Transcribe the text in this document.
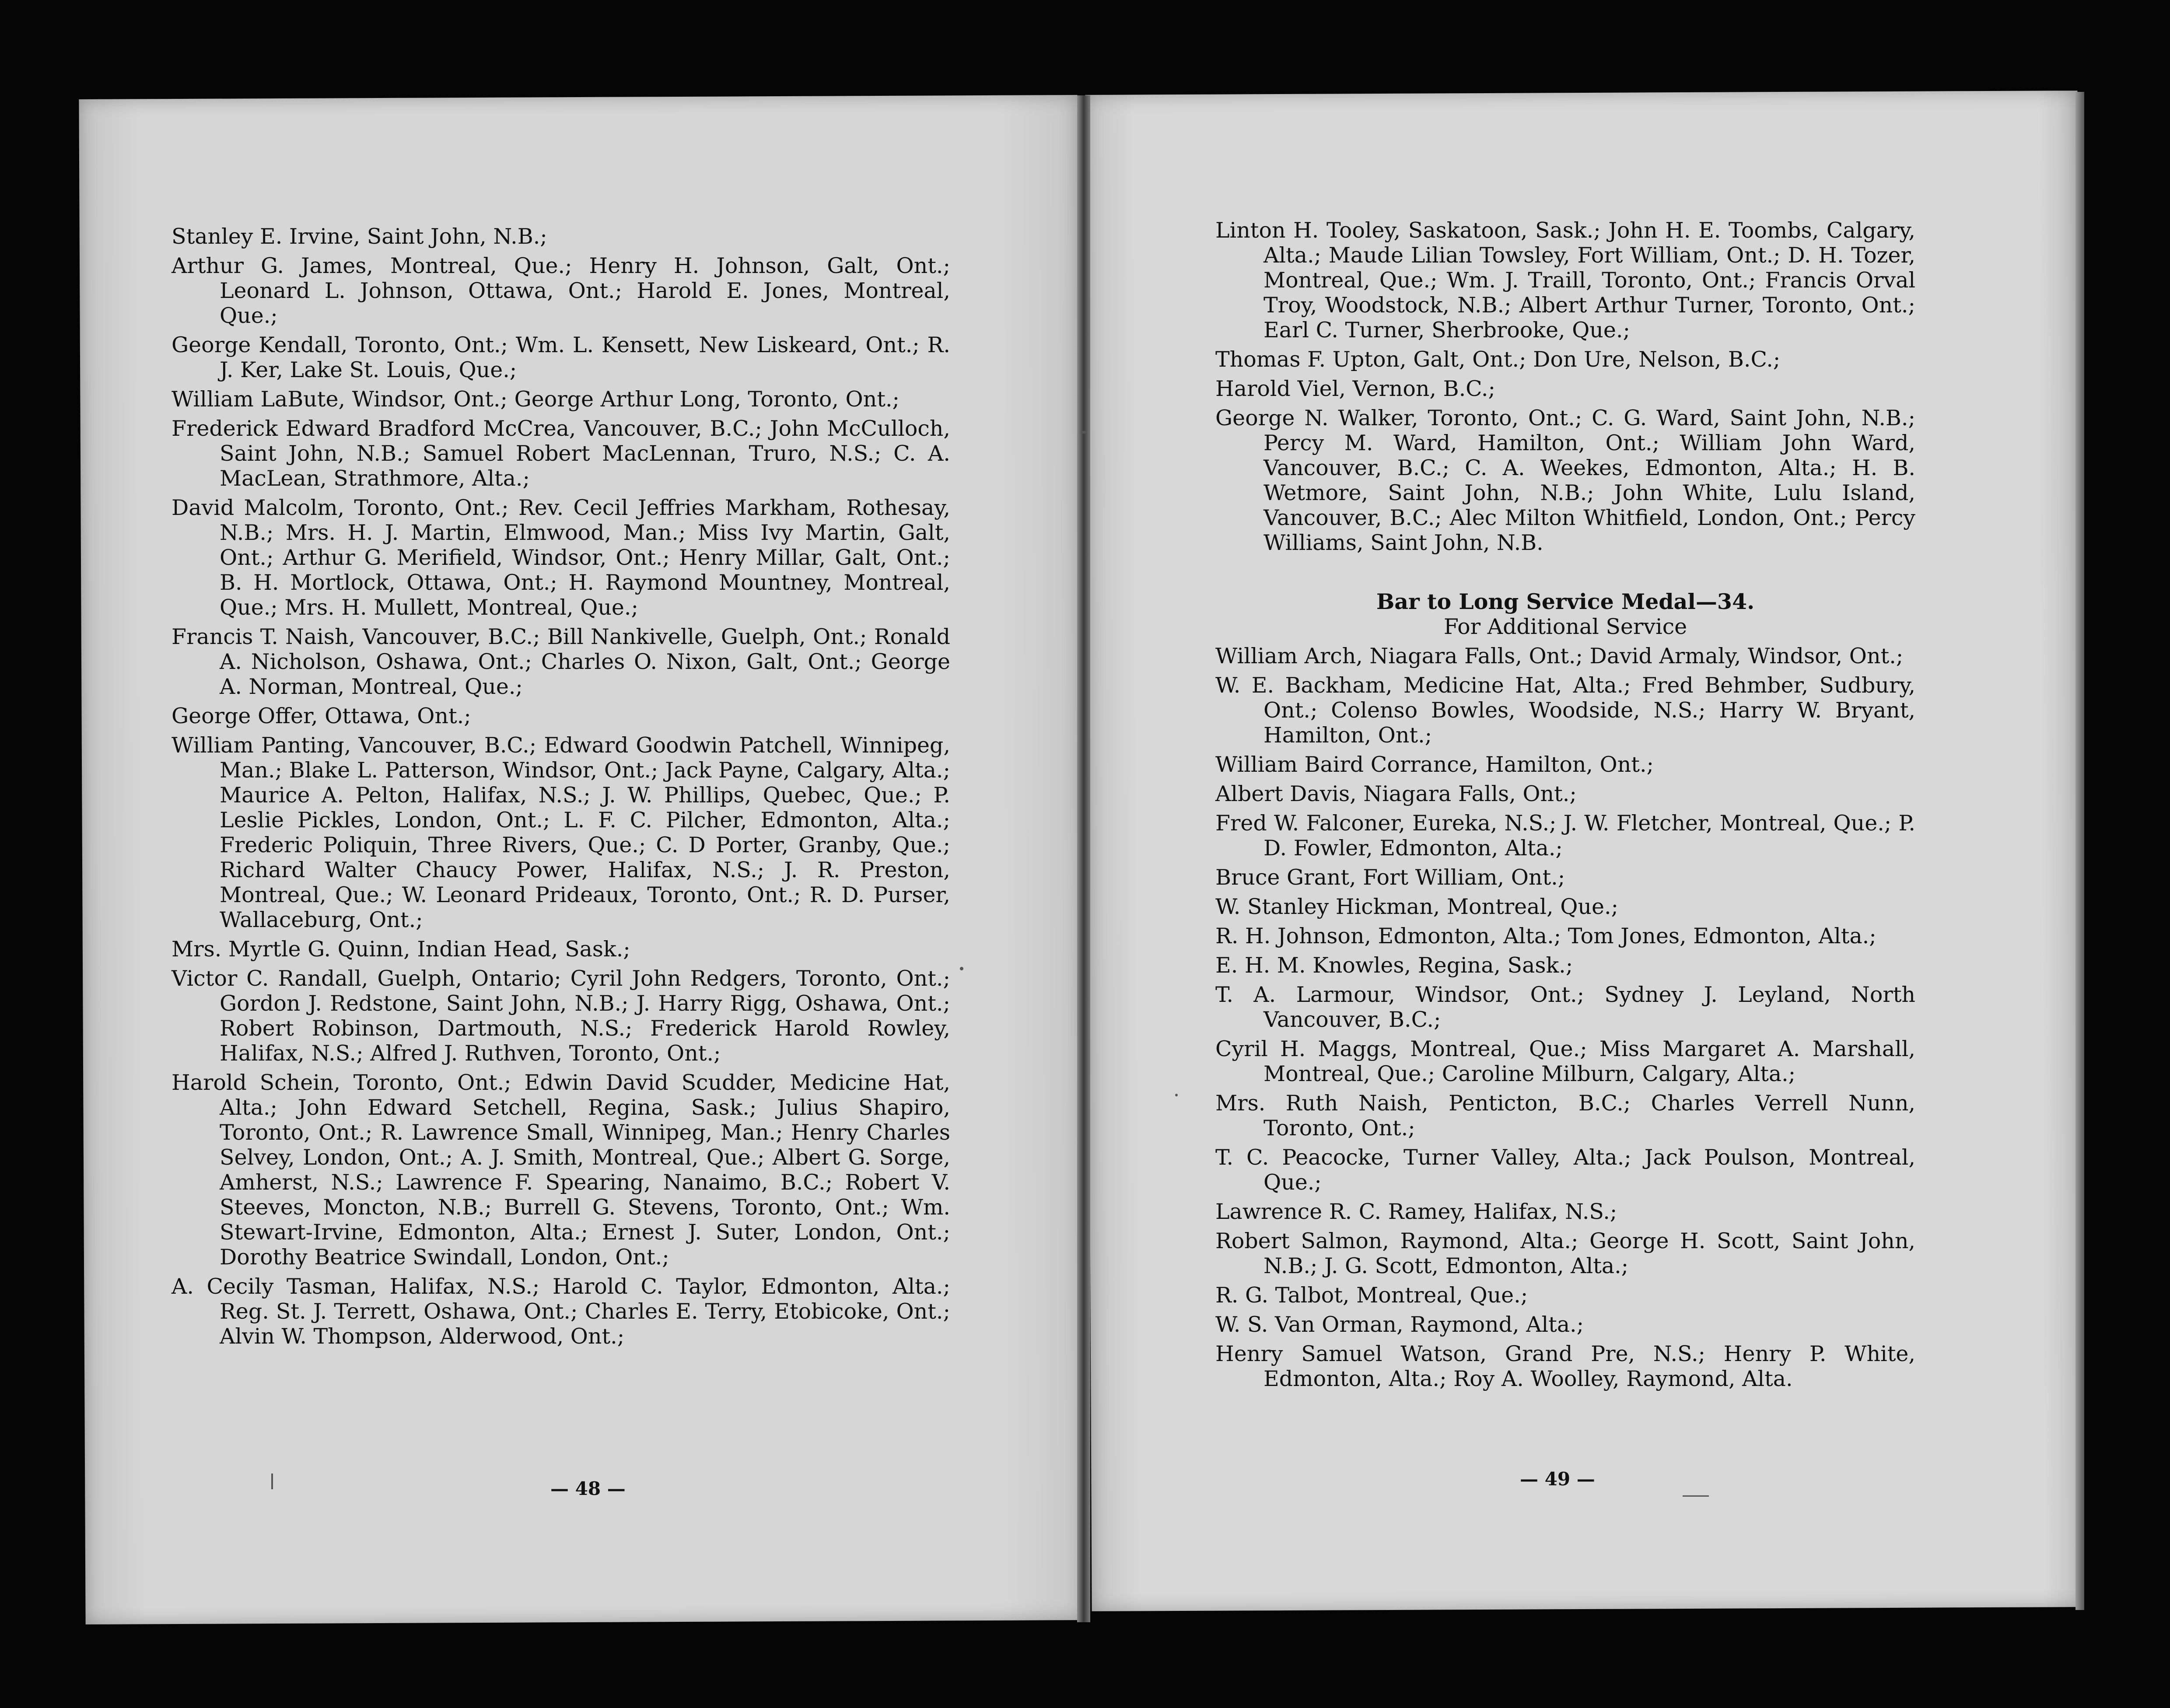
Stanley E. Irvine, Saint John, N.B.;

Arthur G. James, Montreal, Que.; Henry H. Johnson, Galt, Ont.; Leonard L. Johnson, Ottawa, Ont.; Harold E. Jones, Montreal, Que.;

George Kendall, Toronto, Ont.; Wm. L. Kensett, New Liskeard, Ont.; R. J. Ker, Lake St. Louis, Que.;

William LaBute, Windsor, Ont.; George Arthur Long, Toronto, Ont.;

Frederick Edward Bradford McCrea, Vancouver, B.C.; John McCulloch, Saint John, N.B.; Samuel Robert MacLennan, Truro, N.S.; C. A. MacLean, Strathmore, Alta.;

David Malcolm, Toronto, Ont.; Rev. Cecil Jeffries Markham, Rothesay, N.B.; Mrs. H. J. Martin, Elmwood, Man.; Miss Ivy Martin, Galt, Ont.; Arthur G. Merifield, Windsor, Ont.; Henry Millar, Galt, Ont.; B. H. Mortlock, Ottawa, Ont.; H. Raymond Mountney, Montreal, Que.; Mrs. H. Mullett, Montreal, Que.;

Francis T. Naish, Vancouver, B.C.; Bill Nankivelle, Guelph, Ont.; Ronald A. Nicholson, Oshawa, Ont.; Charles O. Nixon, Galt, Ont.; George A. Norman, Montreal, Que.;

George Offer, Ottawa, Ont.;

William Panting, Vancouver, B.C.; Edward Goodwin Patchell, Winnipeg, Man.; Blake L. Patterson, Windsor, Ont.; Jack Payne, Calgary, Alta.; Maurice A. Pelton, Halifax, N.S.; J. W. Phillips, Quebec, Que.; P. Leslie Pickles, London, Ont.; L. F. C. Pilcher, Edmonton, Alta.; Frederic Poliquin, Three Rivers, Que.; C. D Porter, Granby, Que.; Richard Walter Chaucy Power, Halifax, N.S.; J. R. Preston, Montreal, Que.; W. Leonard Prideaux, Toronto, Ont.; R. D. Purser, Wallaceburg, Ont.;

Mrs. Myrtle G. Quinn, Indian Head, Sask.;

Victor C. Randall, Guelph, Ontario; Cyril John Redgers, Toronto, Ont.; Gordon J. Redstone, Saint John, N.B.; J. Harry Rigg, Oshawa, Ont.; Robert Robinson, Dartmouth, N.S.; Frederick Harold Rowley, Halifax, N.S.; Alfred J. Ruthven, Toronto, Ont.;

Harold Schein, Toronto, Ont.; Edwin David Scudder, Medicine Hat, Alta.; John Edward Setchell, Regina, Sask.; Julius Shapiro, Toronto, Ont.; R. Lawrence Small, Winnipeg, Man.; Henry Charles Selvey, London, Ont.; A. J. Smith, Montreal, Que.; Albert G. Sorge, Amherst, N.S.; Lawrence F. Spearing, Nanaimo, B.C.; Robert V. Steeves, Moncton, N.B.; Burrell G. Stevens, Toronto, Ont.; Wm. Stewart-Irvine, Edmonton, Alta.; Ernest J. Suter, London, Ont.; Dorothy Beatrice Swindall, London, Ont.;

A. Cecily Tasman, Halifax, N.S.; Harold C. Taylor, Edmonton, Alta.; Reg. St. J. Terrett, Oshawa, Ont.; Charles E. Terry, Etobicoke, Ont.; Alvin W. Thompson, Alderwood, Ont.;

— 48 —

Linton H. Tooley, Saskatoon, Sask.; John H. E. Toombs, Calgary, Alta.; Maude Lilian Towsley, Fort William, Ont.; D. H. Tozer, Montreal, Que.; Wm. J. Traill, Toronto, Ont.; Francis Orval Troy, Woodstock, N.B.; Albert Arthur Turner, Toronto, Ont.; Earl C. Turner, Sherbrooke, Que.;

Thomas F. Upton, Galt, Ont.; Don Ure, Nelson, B.C.;

Harold Viel, Vernon, B.C.;

George N. Walker, Toronto, Ont.; C. G. Ward, Saint John, N.B.; Percy M. Ward, Hamilton, Ont.; William John Ward, Vancouver, B.C.; C. A. Weekes, Edmonton, Alta.; H. B. Wetmore, Saint John, N.B.; John White, Lulu Island, Vancouver, B.C.; Alec Milton Whitfield, London, Ont.; Percy Williams, Saint John, N.B.

Bar to Long Service Medal—34.
For Additional Service

William Arch, Niagara Falls, Ont.; David Armaly, Windsor, Ont.;

W. E. Backham, Medicine Hat, Alta.; Fred Behmber, Sudbury, Ont.; Colenso Bowles, Woodside, N.S.; Harry W. Bryant, Hamilton, Ont.;

William Baird Corrance, Hamilton, Ont.;

Albert Davis, Niagara Falls, Ont.;

Fred W. Falconer, Eureka, N.S.; J. W. Fletcher, Montreal, Que.; P. D. Fowler, Edmonton, Alta.;

Bruce Grant, Fort William, Ont.;

W. Stanley Hickman, Montreal, Que.;

R. H. Johnson, Edmonton, Alta.; Tom Jones, Edmonton, Alta.;

E. H. M. Knowles, Regina, Sask.;

T. A. Larmour, Windsor, Ont.; Sydney J. Leyland, North Vancouver, B.C.;

Cyril H. Maggs, Montreal, Que.; Miss Margaret A. Marshall, Montreal, Que.; Caroline Milburn, Calgary, Alta.;

Mrs. Ruth Naish, Penticton, B.C.; Charles Verrell Nunn, Toronto, Ont.;

T. C. Peacocke, Turner Valley, Alta.; Jack Poulson, Montreal, Que.;

Lawrence R. C. Ramey, Halifax, N.S.;

Robert Salmon, Raymond, Alta.; George H. Scott, Saint John, N.B.; J. G. Scott, Edmonton, Alta.;

R. G. Talbot, Montreal, Que.;

W. S. Van Orman, Raymond, Alta.;

Henry Samuel Watson, Grand Pre, N.S.; Henry P. White, Edmonton, Alta.; Roy A. Woolley, Raymond, Alta.

— 49 —
